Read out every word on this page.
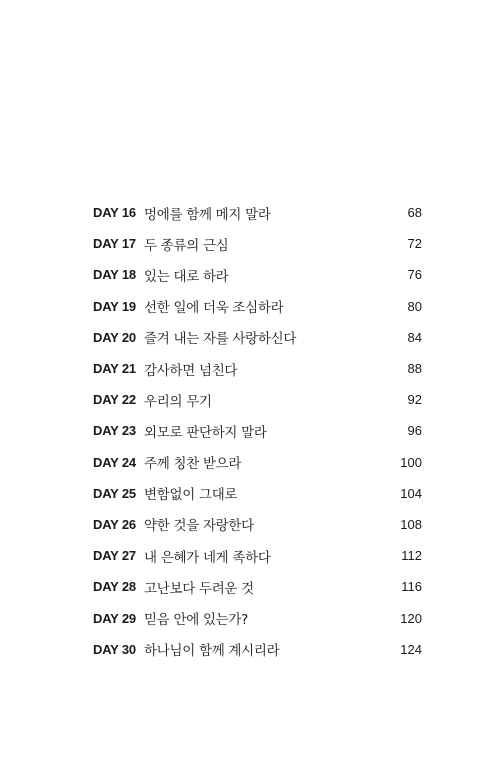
DAY 16 멍에를 함께 메지 말라	68
DAY 17 두 종류의 근심	72
DAY 18 있는 대로 하라	76
DAY 19 선한 일에 더욱 조심하라	80
DAY 20 즐겨 내는 자를 사랑하신다	84
DAY 21 감사하면 넘친다	88
DAY 22 우리의 무기	92
DAY 23 외모로 판단하지 말라	96
DAY 24 주께 칭찬 받으라	100
DAY 25 변함없이 그대로	104
DAY 26 약한 것을 자랑한다	108
DAY 27 내 은혜가 네게 족하다	112
DAY 28 고난보다 두려운 것	116
DAY 29 믿음 안에 있는가?	120
DAY 30 하나님이 함께 계시리라	124
